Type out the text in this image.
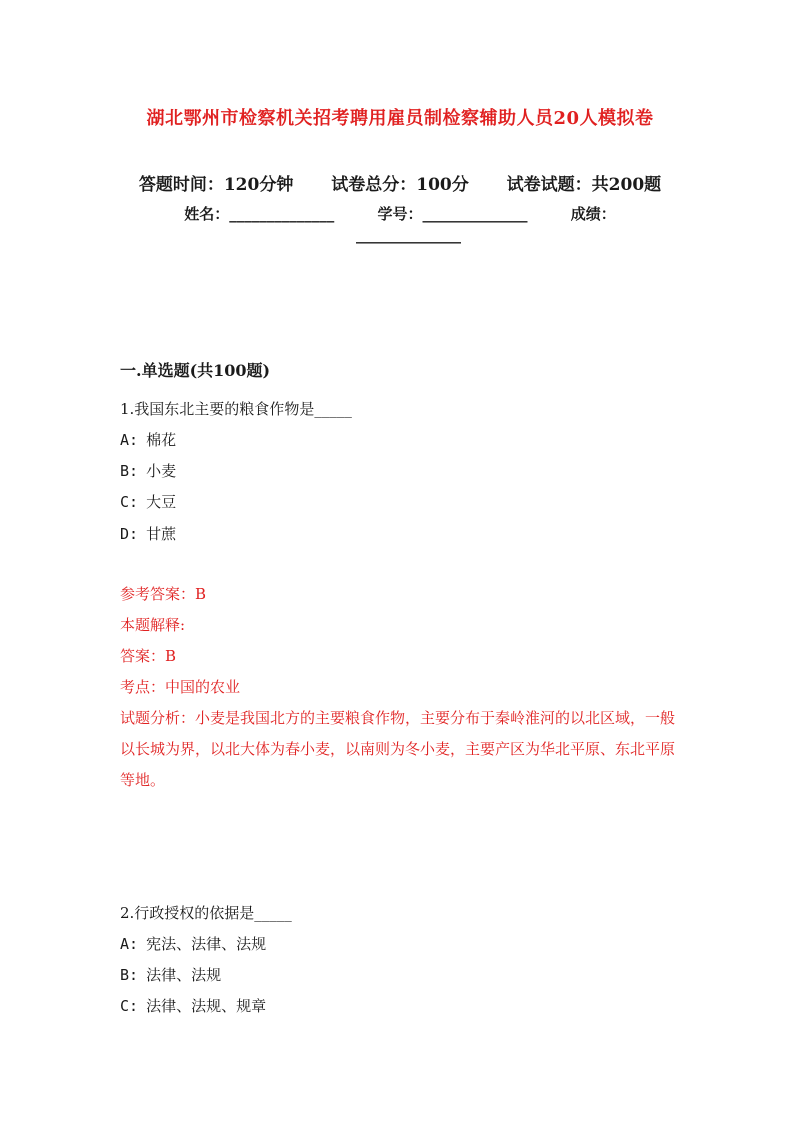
湖北鄂州市检察机关招考聘用雇员制检察辅助人员20人模拟卷
答题时间：120分钟 试卷总分：100分 试卷试题：共200题
姓名：______________	学号：______________	成绩：
______________
一.单选题(共100题)
1.我国东北主要的粮食作物是_____
A: 棉花
B: 小麦
C: 大豆
D: 甘蔗
参考答案：B
本题解释:
答案：B
考点：中国的农业
试题分析：小麦是我国北方的主要粮食作物，主要分布于秦岭淮河的以北区域，一般以长城为界，以北大体为春小麦，以南则为冬小麦，主要产区为华北平原、东北平原等地。
2.行政授权的依据是_____
A: 宪法、法律、法规
B: 法律、法规
C: 法律、法规、规章
